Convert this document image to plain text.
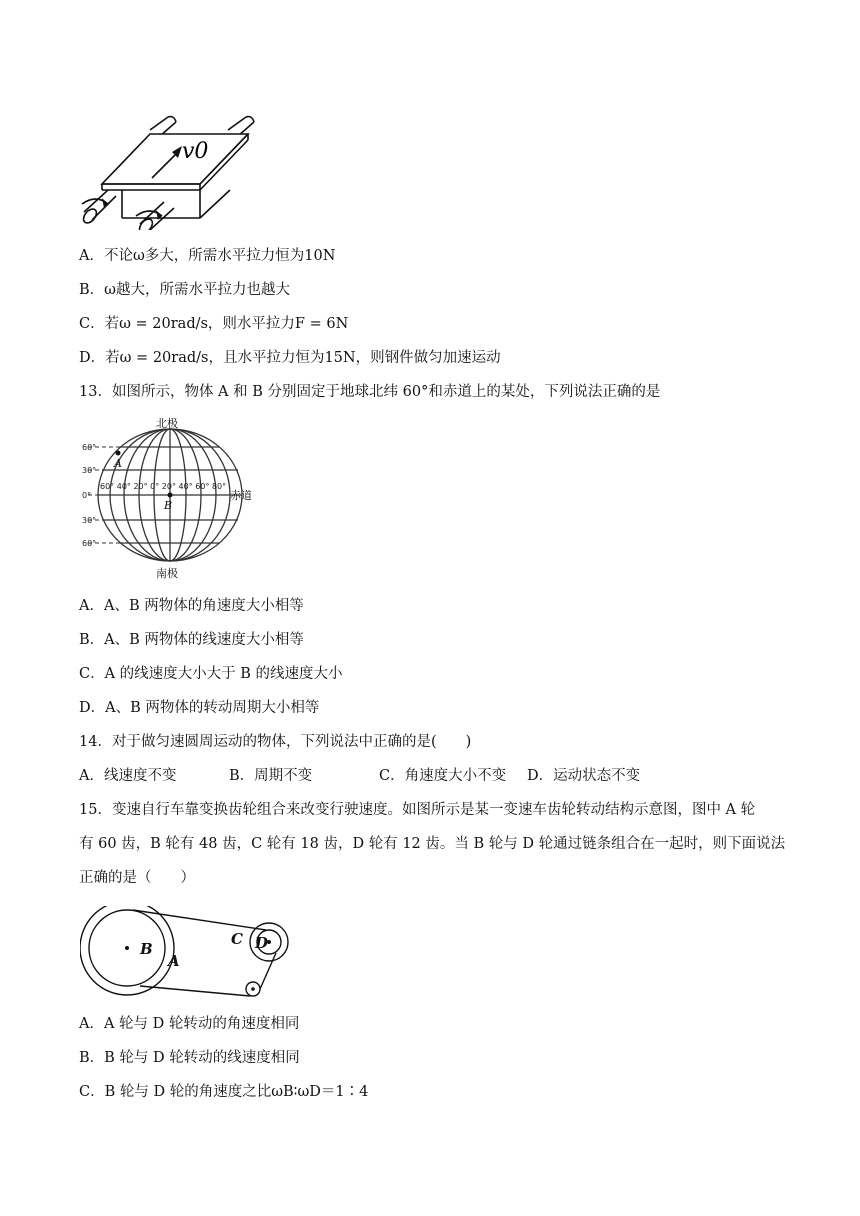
v0
A．不论ω多大，所需水平拉力恒为10N
B．ω越大，所需水平拉力也越大
C．若ω = 20rad/s，则水平拉力F = 6N
D．若ω = 20rad/s，且水平拉力恒为15N，则钢件做匀加速运动
13．如图所示，物体 A 和 B 分别固定于地球北纬 60°和赤道上的某处，下列说法正确的是
60°
30°
0°
30°
60°
60° 40° 20° 0° 20° 40° 60° 80°
北极
南极
赤道
A
B
A．A、B 两物体的角速度大小相等
B．A、B 两物体的线速度大小相等
C．A 的线速度大小大于 B 的线速度大小
D．A、B 两物体的转动周期大小相等
14．对于做匀速圆周运动的物体，下列说法中正确的是(　　)
A．线速度不变	B．周期不变	C．角速度大小不变 D．运动状态不变
15．变速自行车靠变换齿轮组合来改变行驶速度。如图所示是某一变速车齿轮转动结构示意图，图中 A 轮
有 60 齿，B 轮有 48 齿，C 轮有 18 齿，D 轮有 12 齿。当 B 轮与 D 轮通过链条组合在一起时，则下面说法
正确的是（　　）
B
A
C D
A．A 轮与 D 轮转动的角速度相同
B．B 轮与 D 轮转动的线速度相同
C．B 轮与 D 轮的角速度之比ωB∶ωD＝1∶4
